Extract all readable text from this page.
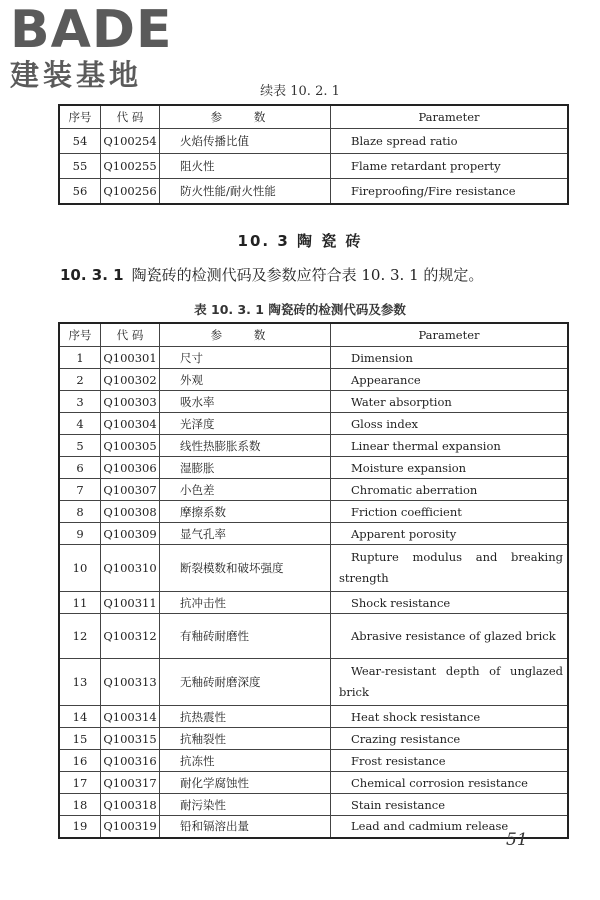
BADE
建装基地	续表 10. 2. 1
序号	代 码	参 数	Parameter
54	Q100254	火焰传播比值	Blaze spread ratio
55	Q100255	阻火性	Flame retardant property
56	Q100256	防火性能/耐火性能	Fireproofing/Fire resistance
10. 3 陶 瓷 砖
10. 3. 1 陶瓷砖的检测代码及参数应符合表 10. 3. 1 的规定。
表 10. 3. 1 陶瓷砖的检测代码及参数
序号	代 码	参 数	Parameter
1	Q100301	尺寸	Dimension
2	Q100302	外观	Appearance
3	Q100303	吸水率	Water absorption
4	Q100304	光泽度	Gloss index
5	Q100305	线性热膨胀系数	Linear thermal expansion
6	Q100306	湿膨胀	Moisture expansion
7	Q100307	小色差	Chromatic aberration
8	Q100308	摩擦系数	Friction coefficient
9	Q100309	显气孔率	Apparent porosity
10	Q100310	断裂模数和破坏强度	Rupture modulus and breaking strength
11	Q100311	抗冲击性	Shock resistance
12	Q100312	有釉砖耐磨性	Abrasive resistance of glazed brick
13	Q100313	无釉砖耐磨深度	Wear-resistant depth of unglazed brick
14	Q100314	抗热震性	Heat shock resistance
15	Q100315	抗釉裂性	Crazing resistance
16	Q100316	抗冻性	Frost resistance
17	Q100317	耐化学腐蚀性	Chemical corrosion resistance
18	Q100318	耐污染性	Stain resistance
19	Q100319	铅和镉溶出量	Lead and cadmium release
51
